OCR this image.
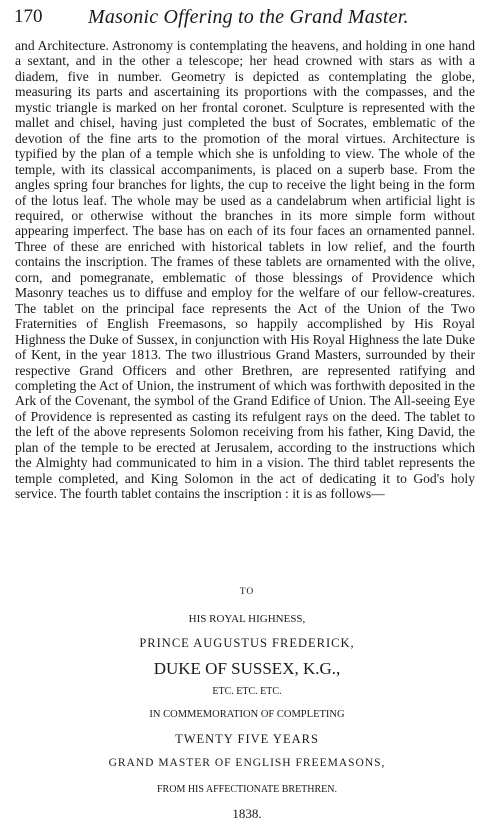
170 Masonic Offering to the Grand Master.

and Architecture. Astronomy is contemplating the heavens, and holding in one hand a sextant, and in the other a telescope; her head crowned with stars as with a diadem, five in number. Geometry is depicted as contemplating the globe, measuring its parts and ascertaining its proportions with the compasses, and the mystic triangle is marked on her frontal coronet. Sculpture is represented with the mallet and chisel, having just completed the bust of Socrates, emblematic of the devotion of the fine arts to the promotion of the moral virtues. Architecture is typified by the plan of a temple which she is unfolding to view. The whole of the temple, with its classical accompaniments, is placed on a superb base. From the angles spring four branches for lights, the cup to receive the light being in the form of the lotus leaf. The whole may be used as a candelabrum when artificial light is required, or otherwise without the branches in its more simple form without appearing imperfect. The base has on each of its four faces an ornamented pannel. Three of these are enriched with historical tablets in low relief, and the fourth contains the inscription. The frames of these tablets are ornamented with the olive, corn, and pomegranate, emblematic of those blessings of Providence which Masonry teaches us to diffuse and employ for the welfare of our fellow-creatures. The tablet on the principal face represents the Act of the Union of the Two Fraternities of English Freemasons, so happily accomplished by His Royal Highness the Duke of Sussex, in conjunction with His Royal Highness the late Duke of Kent, in the year 1813. The two illustrious Grand Masters, surrounded by their respective Grand Officers and other Brethren, are represented ratifying and completing the Act of Union, the instrument of which was forthwith deposited in the Ark of the Covenant, the symbol of the Grand Edifice of Union. The All-seeing Eye of Providence is represented as casting its refulgent rays on the deed. The tablet to the left of the above represents Solomon receiving from his father, King David, the plan of the temple to be erected at Jerusalem, according to the instructions which the Almighty had communicated to him in a vision. The third tablet represents the temple completed, and King Solomon in the act of dedicating it to God's holy service. The fourth tablet contains the inscription : it is as follows—

TO
HIS ROYAL HIGHNESS,
PRINCE AUGUSTUS FREDERICK,
DUKE OF SUSSEX, K.G.,
ETC. ETC. ETC.
IN COMMEMORATION OF COMPLETING
TWENTY FIVE YEARS
GRAND MASTER OF ENGLISH FREEMASONS,
FROM HIS AFFECTIONATE BRETHREN.
1838.
